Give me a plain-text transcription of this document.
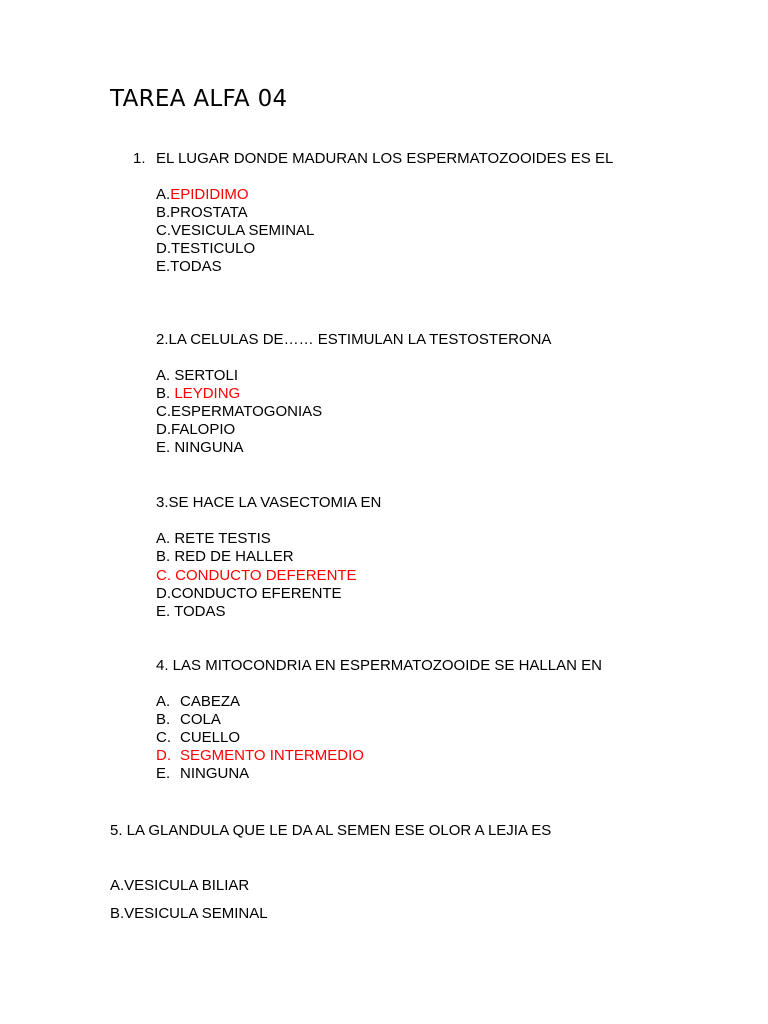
TAREA ALFA 04
1. EL LUGAR DONDE MADURAN LOS ESPERMATOZOOIDES ES EL
A.EPIDIDIMO
B.PROSTATA
C.VESICULA SEMINAL
D.TESTICULO
E.TODAS
2.LA CELULAS DE…… ESTIMULAN LA TESTOSTERONA
A. SERTOLI
B. LEYDING
C.ESPERMATOGONIAS
D.FALOPIO
E. NINGUNA
3.SE HACE LA VASECTOMIA EN
A. RETE TESTIS
B. RED DE HALLER
C. CONDUCTO DEFERENTE
D.CONDUCTO EFERENTE
E. TODAS
4. LAS MITOCONDRIA EN ESPERMATOZOOIDE SE HALLAN EN
A. CABEZA
B. COLA
C. CUELLO
D. SEGMENTO INTERMEDIO
E. NINGUNA
5. LA GLANDULA QUE LE DA AL SEMEN ESE OLOR A LEJIA ES
A.VESICULA BILIAR
B.VESICULA SEMINAL
